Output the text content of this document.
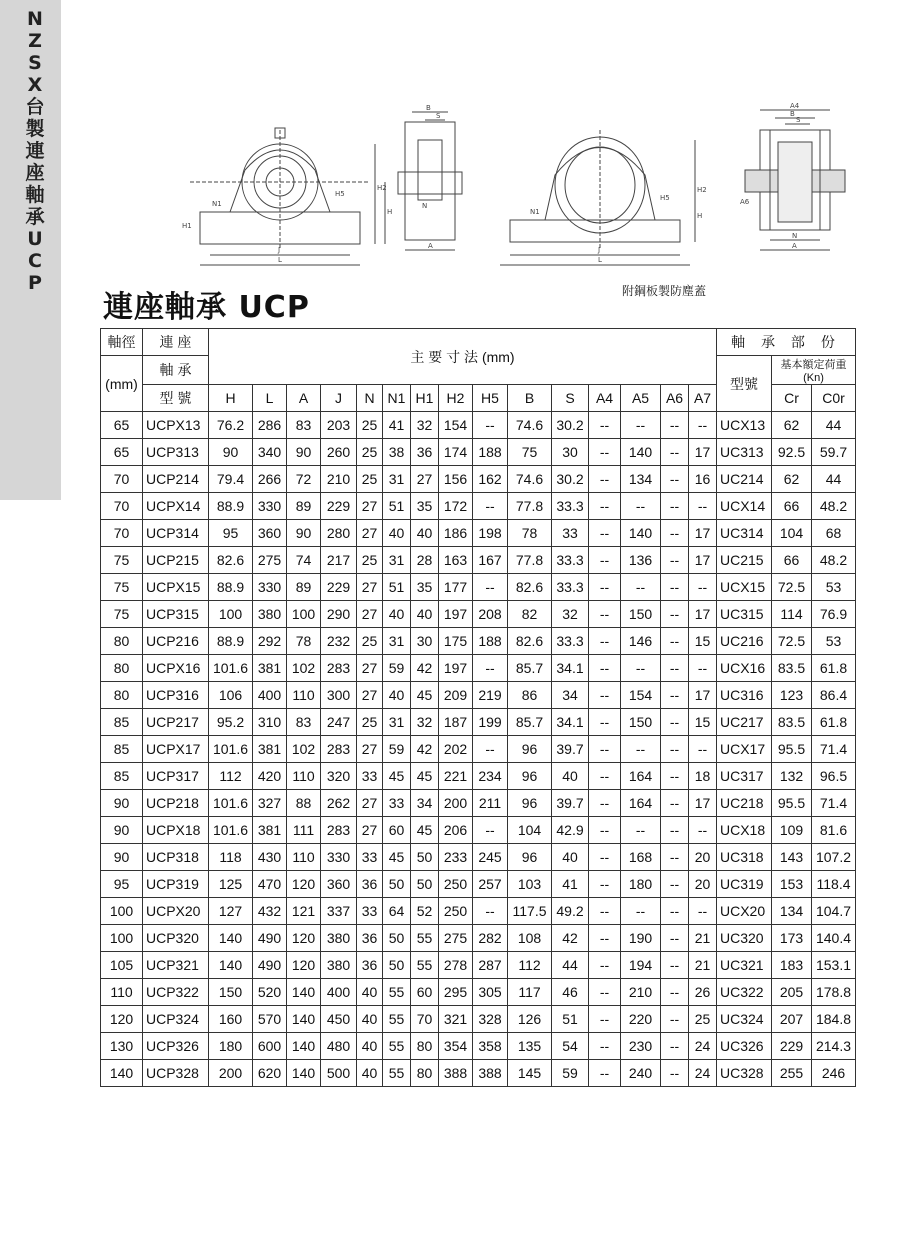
NZSX台製連座軸承UCP
N1
H1
J
L
H2
H
H5
B
S
A
N
N1
J
L
H2
H
H5
A4
B
S
A6
N
A
附鋼板製防塵蓋
連座軸承 UCP
軸徑	連 座	主 要 寸 法 (mm)															軸 承 部 份		
(mm)	軸 承																型號	基本額定荷重
(Kn)	
	型 號	H	L	A	J	N	N1	H1	H2	H5	B	S	A4	A5	A6	A7		Cr	C0r
65	UCPX13	76.2	286	83	203	25	41	32	154	--	74.6	30.2	--	--	--	--	UCX13	62	44
65	UCP313	90	340	90	260	25	38	36	174	188	75	30	--	140	--	17	UC313	92.5	59.7
70	UCP214	79.4	266	72	210	25	31	27	156	162	74.6	30.2	--	134	--	16	UC214	62	44
70	UCPX14	88.9	330	89	229	27	51	35	172	--	77.8	33.3	--	--	--	--	UCX14	66	48.2
70	UCP314	95	360	90	280	27	40	40	186	198	78	33	--	140	--	17	UC314	104	68
75	UCP215	82.6	275	74	217	25	31	28	163	167	77.8	33.3	--	136	--	17	UC215	66	48.2
75	UCPX15	88.9	330	89	229	27	51	35	177	--	82.6	33.3	--	--	--	--	UCX15	72.5	53
75	UCP315	100	380	100	290	27	40	40	197	208	82	32	--	150	--	17	UC315	114	76.9
80	UCP216	88.9	292	78	232	25	31	30	175	188	82.6	33.3	--	146	--	15	UC216	72.5	53
80	UCPX16	101.6	381	102	283	27	59	42	197	--	85.7	34.1	--	--	--	--	UCX16	83.5	61.8
80	UCP316	106	400	110	300	27	40	45	209	219	86	34	--	154	--	17	UC316	123	86.4
85	UCP217	95.2	310	83	247	25	31	32	187	199	85.7	34.1	--	150	--	15	UC217	83.5	61.8
85	UCPX17	101.6	381	102	283	27	59	42	202	--	96	39.7	--	--	--	--	UCX17	95.5	71.4
85	UCP317	112	420	110	320	33	45	45	221	234	96	40	--	164	--	18	UC317	132	96.5
90	UCP218	101.6	327	88	262	27	33	34	200	211	96	39.7	--	164	--	17	UC218	95.5	71.4
90	UCPX18	101.6	381	111	283	27	60	45	206	--	104	42.9	--	--	--	--	UCX18	109	81.6
90	UCP318	118	430	110	330	33	45	50	233	245	96	40	--	168	--	20	UC318	143	107.2
95	UCP319	125	470	120	360	36	50	50	250	257	103	41	--	180	--	20	UC319	153	118.4
100	UCPX20	127	432	121	337	33	64	52	250	--	117.5	49.2	--	--	--	--	UCX20	134	104.7
100	UCP320	140	490	120	380	36	50	55	275	282	108	42	--	190	--	21	UC320	173	140.4
105	UCP321	140	490	120	380	36	50	55	278	287	112	44	--	194	--	21	UC321	183	153.1
110	UCP322	150	520	140	400	40	55	60	295	305	117	46	--	210	--	26	UC322	205	178.8
120	UCP324	160	570	140	450	40	55	70	321	328	126	51	--	220	--	25	UC324	207	184.8
130	UCP326	180	600	140	480	40	55	80	354	358	135	54	--	230	--	24	UC326	229	214.3
140	UCP328	200	620	140	500	40	55	80	388	388	145	59	--	240	--	24	UC328	255	246
